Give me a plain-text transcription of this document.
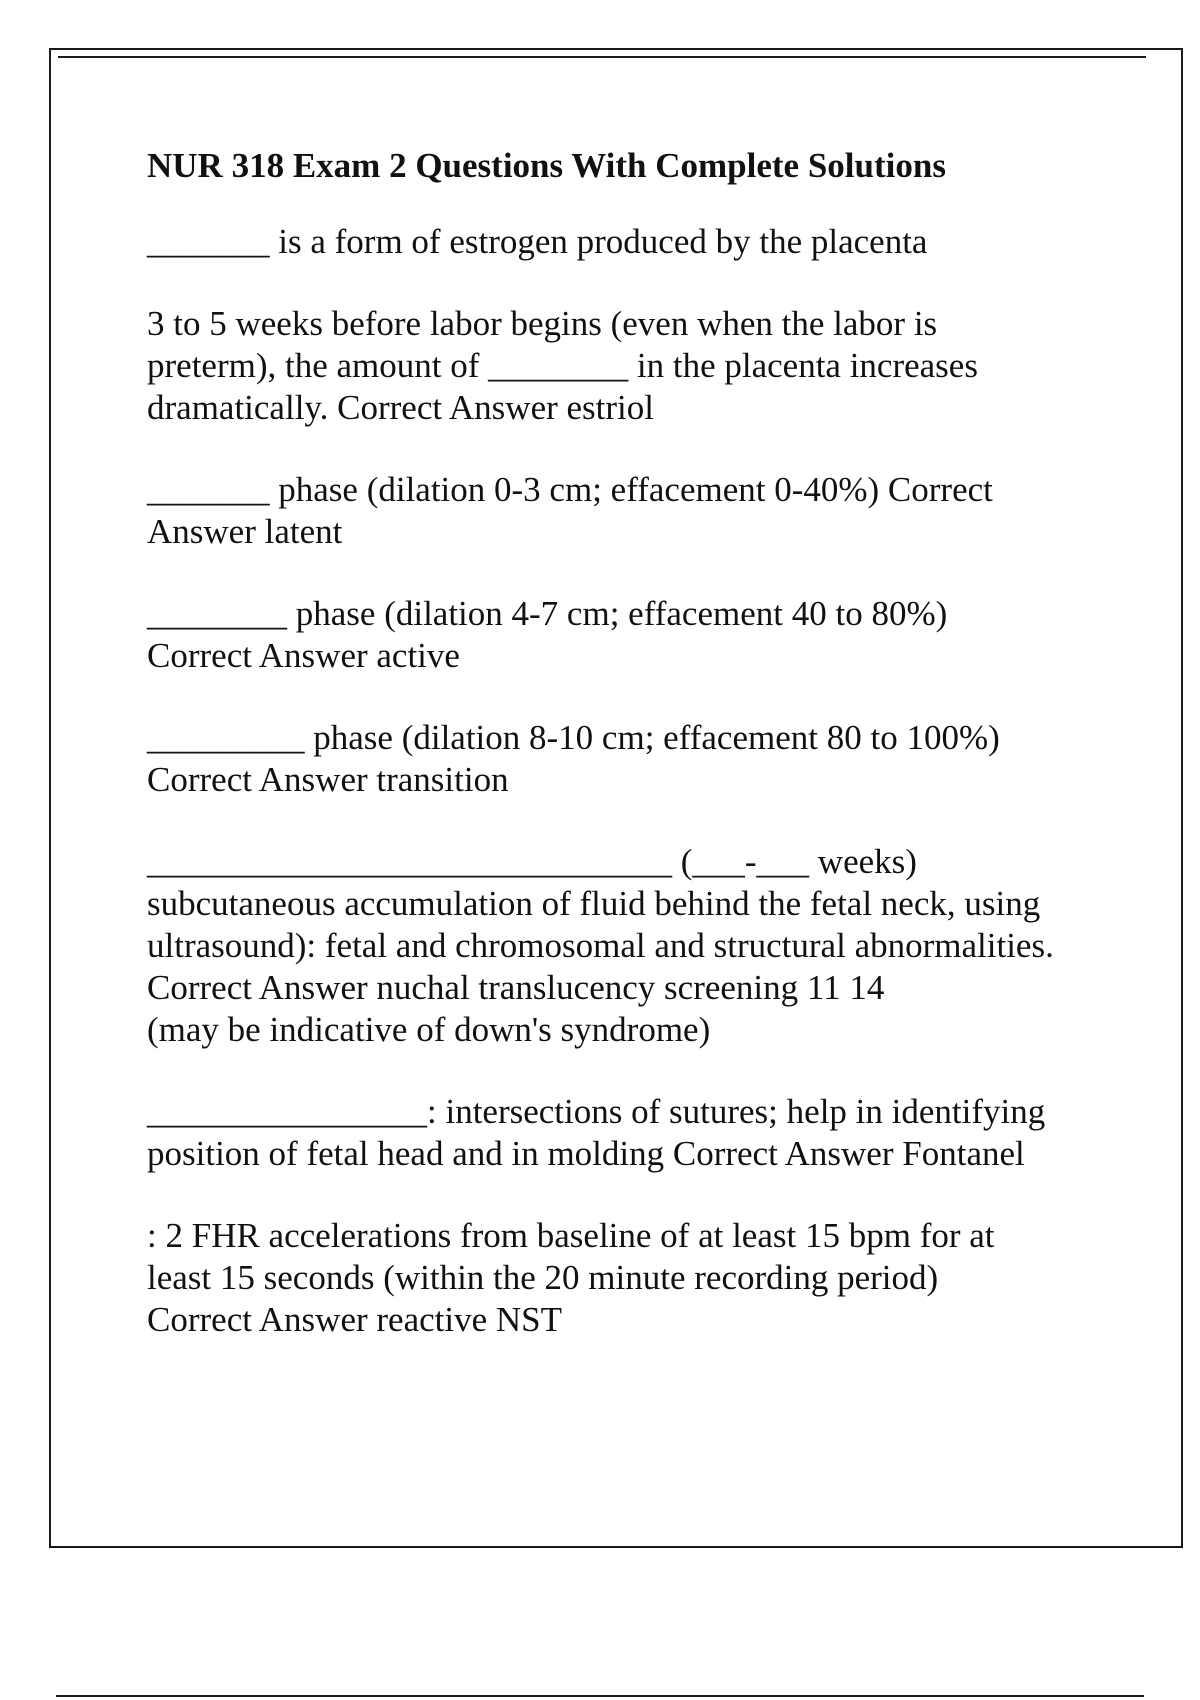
NUR 318 Exam 2 Questions With Complete Solutions

_______ is a form of estrogen produced by the placenta

3 to 5 weeks before labor begins (even when the labor is
preterm), the amount of ________ in the placenta increases
dramatically. Correct Answer estriol

_______ phase (dilation 0-3 cm; effacement 0-40%) Correct
Answer latent

________ phase (dilation 4-7 cm; effacement 40 to 80%)
Correct Answer active

_________ phase (dilation 8-10 cm; effacement 80 to 100%)
Correct Answer transition

______________________________ (___-___ weeks)
subcutaneous accumulation of fluid behind the fetal neck, using
ultrasound): fetal and chromosomal and structural abnormalities.
Correct Answer nuchal translucency screening 11 14
(may be indicative of down's syndrome)

________________: intersections of sutures; help in identifying
position of fetal head and in molding Correct Answer Fontanel

: 2 FHR accelerations from baseline of at least 15 bpm for at
least 15 seconds (within the 20 minute recording period)
Correct Answer reactive NST
